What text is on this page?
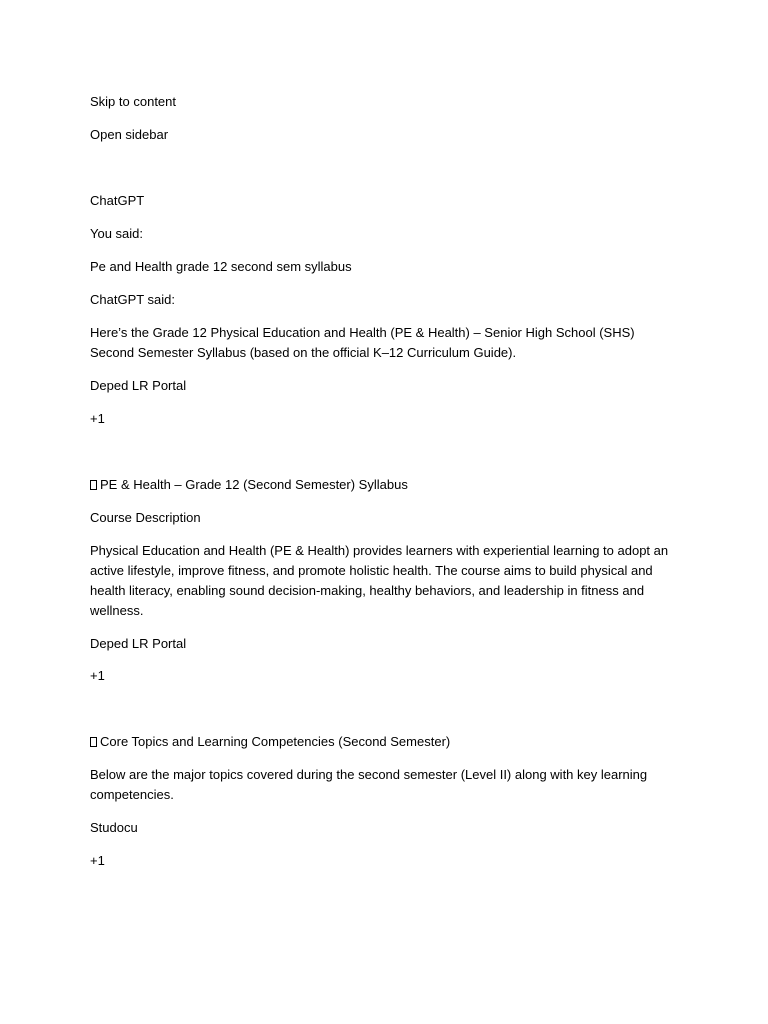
Skip to content
Open sidebar
ChatGPT
You said:
Pe and Health grade 12 second sem syllabus
ChatGPT said:
Here’s the Grade 12 Physical Education and Health (PE & Health) – Senior High School (SHS) Second Semester Syllabus (based on the official K–12 Curriculum Guide).
Deped LR Portal
+1
PE & Health – Grade 12 (Second Semester) Syllabus
Course Description
Physical Education and Health (PE & Health) provides learners with experiential learning to adopt an active lifestyle, improve fitness, and promote holistic health. The course aims to build physical and health literacy, enabling sound decision-making, healthy behaviors, and leadership in fitness and wellness.
Deped LR Portal
+1
Core Topics and Learning Competencies (Second Semester)
Below are the major topics covered during the second semester (Level II) along with key learning competencies.
Studocu
+1
